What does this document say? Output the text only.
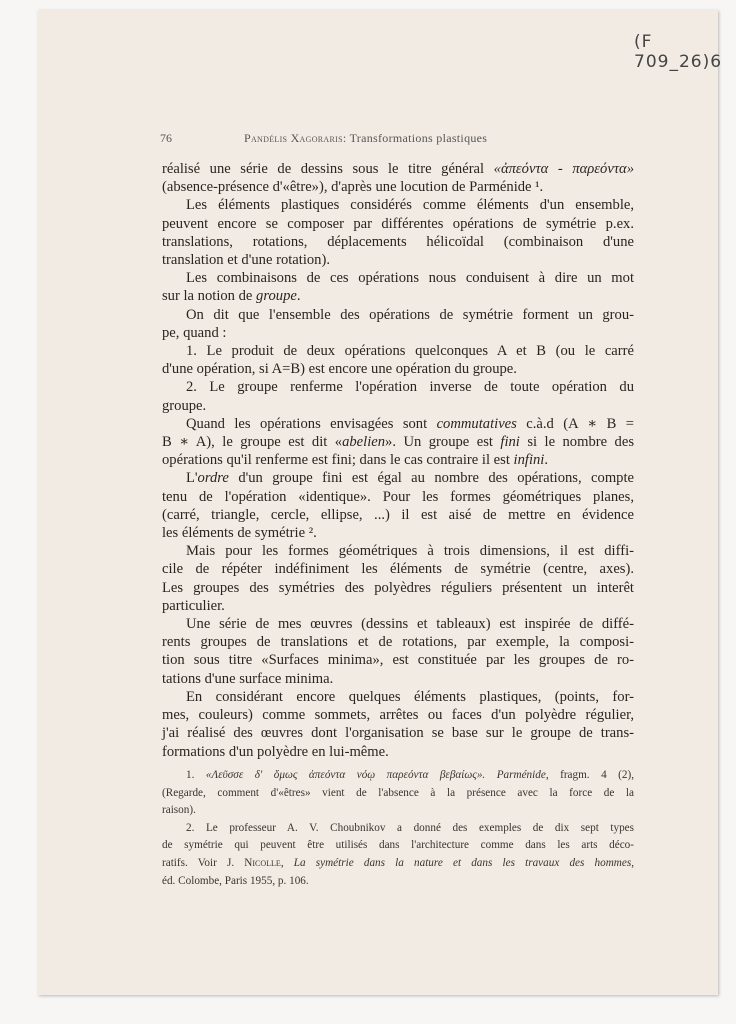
(F 709_26)6
76	Pandélis Xagoraris: Transformations plastiques
réalisé une série de dessins sous le titre général «ἀπεόντα - παρεόντα»
(absence-présence d'«être»), d'après une locution de Parménide ¹.
Les éléments plastiques considérés comme éléments d'un ensemble,
peuvent encore se composer par différentes opérations de symétrie p.ex.
translations, rotations, déplacements hélicoïdal (combinaison d'une
translation et d'une rotation).
Les combinaisons de ces opérations nous conduisent à dire un mot
sur la notion de groupe.
On dit que l'ensemble des opérations de symétrie forment un grou-
pe, quand :
1. Le produit de deux opérations quelconques A et B (ou le carré
d'une opération, si A=B) est encore une opération du groupe.
2. Le groupe renferme l'opération inverse de toute opération du
groupe.
Quand les opérations envisagées sont commutatives c.à.d (A ∗ B =
B ∗ A), le groupe est dit «abelien». Un groupe est fini si le nombre des
opérations qu'il renferme est fini; dans le cas contraire il est infini.
L'ordre d'un groupe fini est égal au nombre des opérations, compte
tenu de l'opération «identique». Pour les formes géométriques planes,
(carré, triangle, cercle, ellipse, ...) il est aisé de mettre en évidence
les éléments de symétrie ².
Mais pour les formes géométriques à trois dimensions, il est diffi-
cile de répéter indéfiniment les éléments de symétrie (centre, axes).
Les groupes des symétries des polyèdres réguliers présentent un interêt
particulier.
Une série de mes œuvres (dessins et tableaux) est inspirée de diffé-
rents groupes de translations et de rotations, par exemple, la composi-
tion sous titre «Surfaces minima», est constituée par les groupes de ro-
tations d'une surface minima.
En considérant encore quelques éléments plastiques, (points, for-
mes, couleurs) comme sommets, arrêtes ou faces d'un polyèdre régulier,
j'ai réalisé des œuvres dont l'organisation se base sur le groupe de trans-
formations d'un polyèdre en lui-même.
1. «Λεῦσσε δ' ὅμως ἀπεόντα νόῳ παρεόντα βεβαίως». Parménide, fragm. 4 (2),
(Regarde, comment d'«êtres» vient de l'absence à la présence avec la force de la
raison).
2. Le professeur A. V. Choubnikov a donné des exemples de dix sept types
de symétrie qui peuvent être utilisés dans l'architecture comme dans les arts déco-
ratifs. Voir J. Nicolle, La symétrie dans la nature et dans les travaux des hommes,
éd. Colombe, Paris 1955, p. 106.
